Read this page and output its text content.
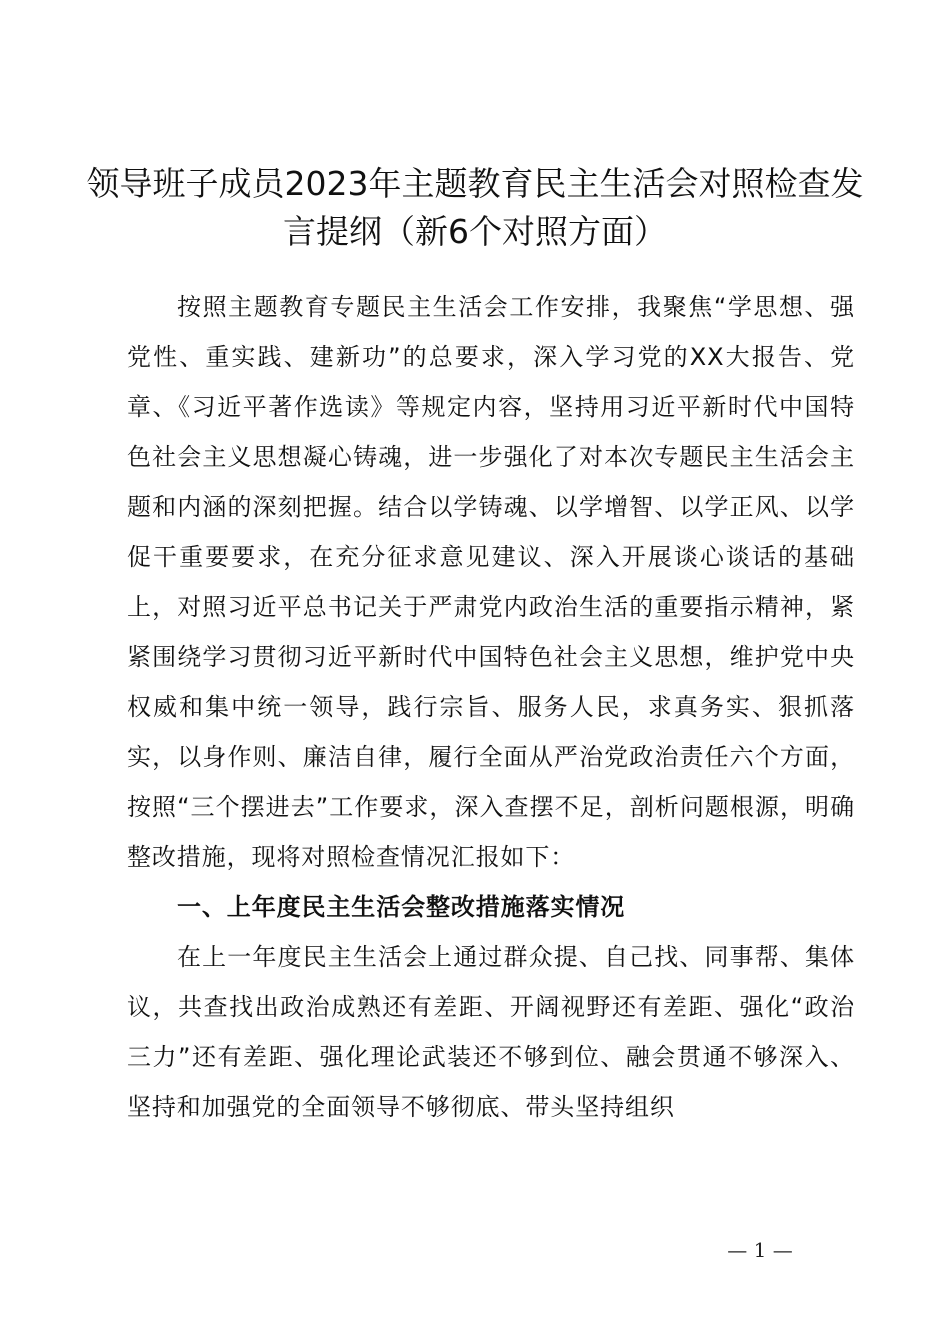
领导班子成员2023年主题教育民主生活会对照检查发言提纲（新6个对照方面）

按照主题教育专题民主生活会工作安排，我聚焦“学思想、强党性、重实践、建新功”的总要求，深入学习党的XX大报告、党章、《习近平著作选读》等规定内容，坚持用习近平新时代中国特色社会主义思想凝心铸魂，进一步强化了对本次专题民主生活会主题和内涵的深刻把握。结合以学铸魂、以学增智、以学正风、以学促干重要要求，在充分征求意见建议、深入开展谈心谈话的基础上，对照习近平总书记关于严肃党内政治生活的重要指示精神，紧紧围绕学习贯彻习近平新时代中国特色社会主义思想，维护党中央权威和集中统一领导，践行宗旨、服务人民，求真务实、狠抓落实，以身作则、廉洁自律，履行全面从严治党政治责任六个方面，按照“三个摆进去”工作要求，深入查摆不足，剖析问题根源，明确整改措施，现将对照检查情况汇报如下：

一、上年度民主生活会整改措施落实情况

在上一年度民主生活会上通过群众提、自己找、同事帮、集体议，共查找出政治成熟还有差距、开阔视野还有差距、强化“政治三力”还有差距、强化理论武装还不够到位、融会贯通不够深入、坚持和加强党的全面领导不够彻底、带头坚持组织

— 1 —
